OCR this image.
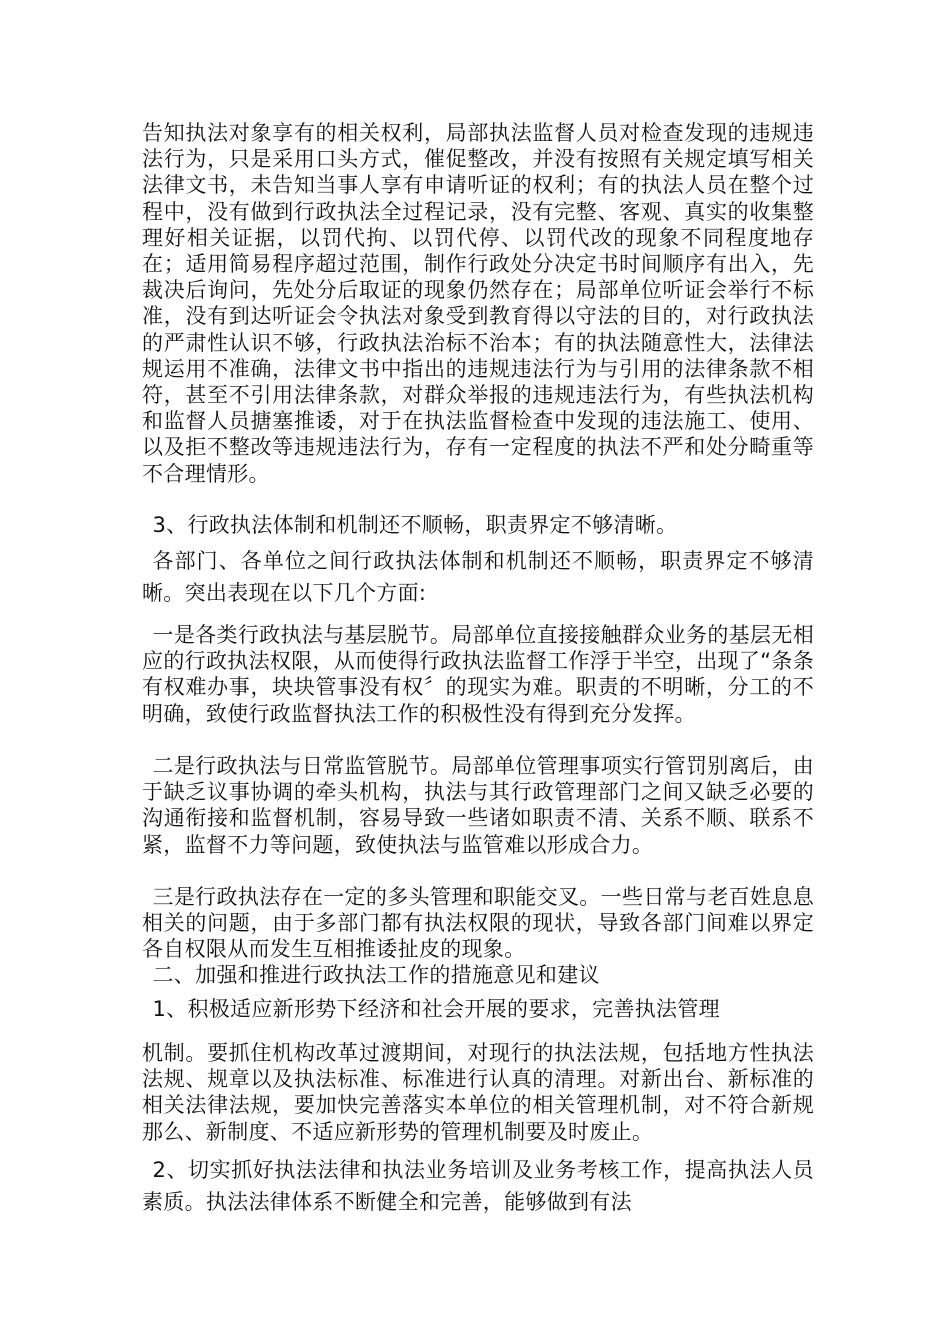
告知执法对象享有的相关权利，局部执法监督人员对检查发现的违规违法行为，只是采用口头方式，催促整改，并没有按照有关规定填写相关法律文书，未告知当事人享有申请听证的权利；有的执法人员在整个过程中，没有做到行政执法全过程记录，没有完整、客观、真实的收集整理好相关证据，以罚代拘、以罚代停、以罚代改的现象不同程度地存在；适用简易程序超过范围，制作行政处分决定书时间顺序有出入，先裁决后询问，先处分后取证的现象仍然存在；局部单位听证会举行不标准，没有到达听证会令执法对象受到教育得以守法的目的，对行政执法的严肃性认识不够，行政执法治标不治本；有的执法随意性大，法律法规运用不准确，法律文书中指出的违规违法行为与引用的法律条款不相符，甚至不引用法律条款，对群众举报的违规违法行为，有些执法机构和监督人员搪塞推诿，对于在执法监督检查中发现的违法施工、使用、以及拒不整改等违规违法行为，存有一定程度的执法不严和处分畸重等不合理情形。

3、行政执法体制和机制还不顺畅，职责界定不够清晰。

各部门、各单位之间行政执法体制和机制还不顺畅，职责界定不够清晰。突出表现在以下几个方面:

一是各类行政执法与基层脱节。局部单位直接接触群众业务的基层无相应的行政执法权限，从而使得行政执法监督工作浮于半空，出现了“条条有权难办事，块块管事没有权〞的现实为难。职责的不明晰，分工的不明确，致使行政监督执法工作的积极性没有得到充分发挥。

二是行政执法与日常监管脱节。局部单位管理事项实行管罚别离后，由于缺乏议事协调的牵头机构，执法与其行政管理部门之间又缺乏必要的沟通衔接和监督机制，容易导致一些诸如职责不清、关系不顺、联系不紧，监督不力等问题，致使执法与监管难以形成合力。

三是行政执法存在一定的多头管理和职能交叉。一些日常与老百姓息息相关的问题，由于多部门都有执法权限的现状，导致各部门间难以界定各自权限从而发生互相推诿扯皮的现象。

二、加强和推进行政执法工作的措施意见和建议

1、积极适应新形势下经济和社会开展的要求，完善执法管理

机制。要抓住机构改革过渡期间，对现行的执法法规，包括地方性执法法规、规章以及执法标准、标准进行认真的清理。对新出台、新标准的相关法律法规，要加快完善落实本单位的相关管理机制，对不符合新规那么、新制度、不适应新形势的管理机制要及时废止。

2、切实抓好执法法律和执法业务培训及业务考核工作，提高执法人员素质。执法法律体系不断健全和完善，能够做到有法
